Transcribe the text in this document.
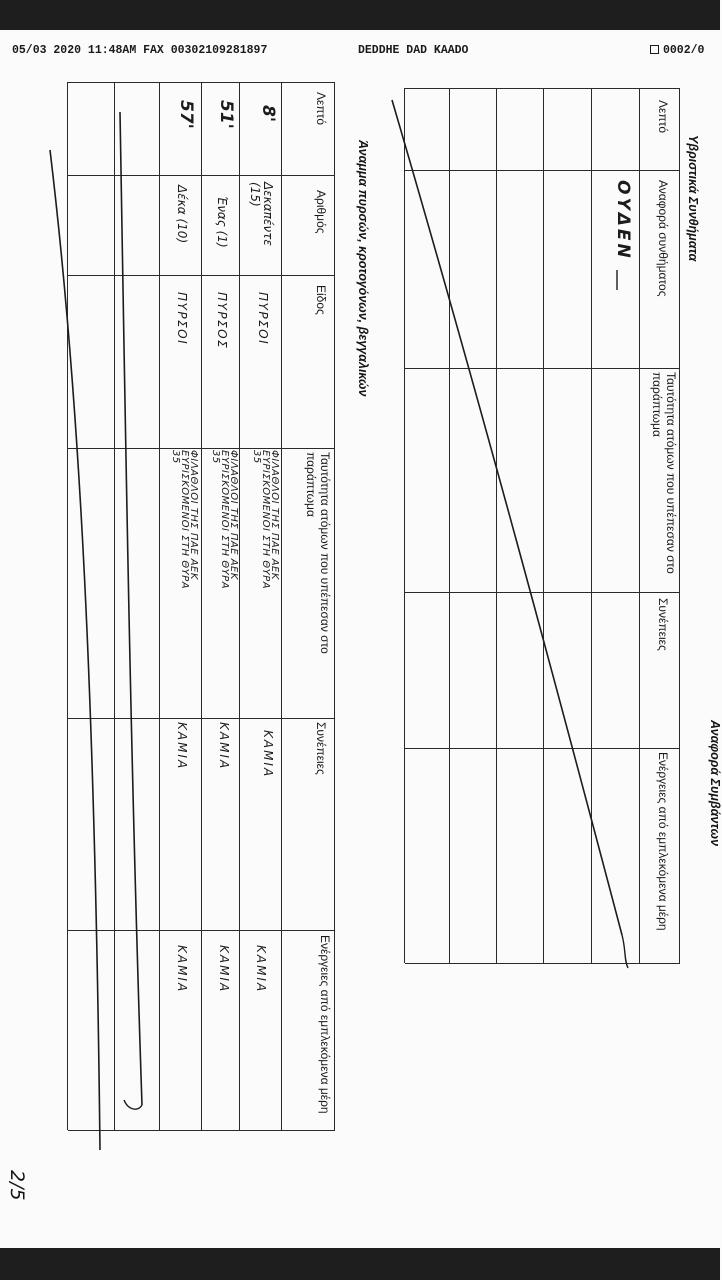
05/03 2020 11:48AM FAX 00302109281897	DEDDHE DAD KAADO	0002/0
Αναφορά Συμβάντων
Υβριστικά Συνθήματα
Λεπτό
Αναφορά συνθήματος
Ταυτότητα ατόμων που υπέπεσαν στο παράπτωμα
Συνέπειες
Ενέργειες από εμπλεκόμενα μέρη
ΟΥΔΕΝ
Άναμμα πυρσών, κροτογόνων, βεγγαλικών
Λεπτό
Αριθμός
Είδος
Ταυτότητα ατόμων που υπέπεσαν στο παράπτωμα
Συνέπειες
Ενέργειες από εμπλεκόμενα μέρη
8'
Δεκαπέντε (15)
ΠΥΡΣΟΙ
ΦΙΛΑΘΛΟΙ ΤΗΣ ΠΑΕ ΑΕΚ
ΕΥΡΙΣΚΟΜΕΝΟΙ ΣΤΗ ΘΥΡΑ
35
ΚΑΜΙΑ
ΚΑΜΙΑ
51'
Ένας (1)
ΠΥΡΣΟΣ
ΦΙΛΑΘΛΟΙ ΤΗΣ ΠΑΕ ΑΕΚ
ΕΥΡΙΣΚΟΜΕΝΟΙ ΣΤΗ ΘΥΡΑ
35
ΚΑΜΙΑ
ΚΑΜΙΑ
57'
Δέκα (10)
ΠΥΡΣΟΙ
ΦΙΛΑΘΛΟΙ ΤΗΣ ΠΑΕ ΑΕΚ
ΕΥΡΙΣΚΟΜΕΝΟΙ ΣΤΗ ΘΥΡΑ
35
ΚΑΜΙΑ
ΚΑΜΙΑ
2/5
